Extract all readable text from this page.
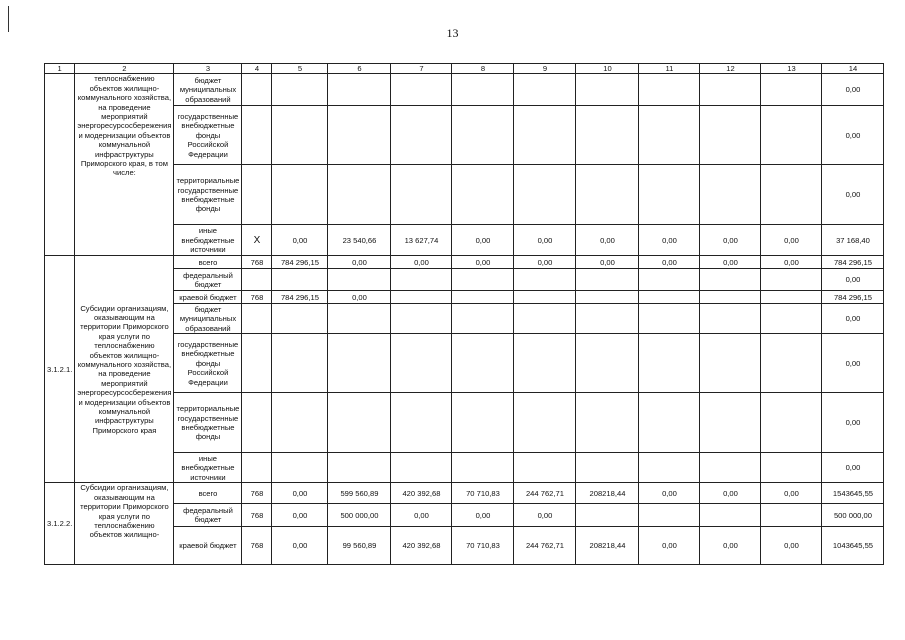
13
1	2	3	4	5	6	7	8	9	10	11	12	13	14
	теплоснабжению объектов жилищно-коммунального хозяйства, на проведение мероприятий энергоресурсосбережения и модернизации объектов коммунальной инфраструктуры Приморского края, в том числе:	бюджет муниципальных образований											0,00
		государственные внебюджетные фонды Российской Федерации											0,00
		территориальные государственные внебюджетные фонды											0,00
		иные внебюджетные источники	X	0,00	23 540,66	13 627,74	0,00	0,00	0,00	0,00	0,00	0,00	37 168,40
3.1.2.1.	Субсидии организациям, оказывающим на территории Приморского края услуги по теплоснабжению объектов жилищно-коммунального хозяйства, на проведение мероприятий энергоресурсосбережения и модернизации объектов коммунальной инфраструктуры Приморского края	всего	768	784 296,15	0,00	0,00	0,00	0,00	0,00	0,00	0,00	0,00	784 296,15
		федеральный бюджет											0,00
		краевой бюджет	768	784 296,15	0,00								784 296,15
		бюджет муниципальных образований											0,00
		государственные внебюджетные фонды Российской Федерации											0,00
		территориальные государственные внебюджетные фонды											0,00
		иные внебюджетные источники											0,00
3.1.2.2.	Субсидии организациям, оказывающим на территории Приморского края услуги по теплоснабжению объектов жилищно-	всего	768	0,00	599 560,89	420 392,68	70 710,83	244 762,71	208218,44	0,00	0,00	0,00	1543645,55
		федеральный бюджет	768	0,00	500 000,00	0,00	0,00	0,00					500 000,00
		краевой бюджет	768	0,00	99 560,89	420 392,68	70 710,83	244 762,71	208218,44	0,00	0,00	0,00	1043645,55
